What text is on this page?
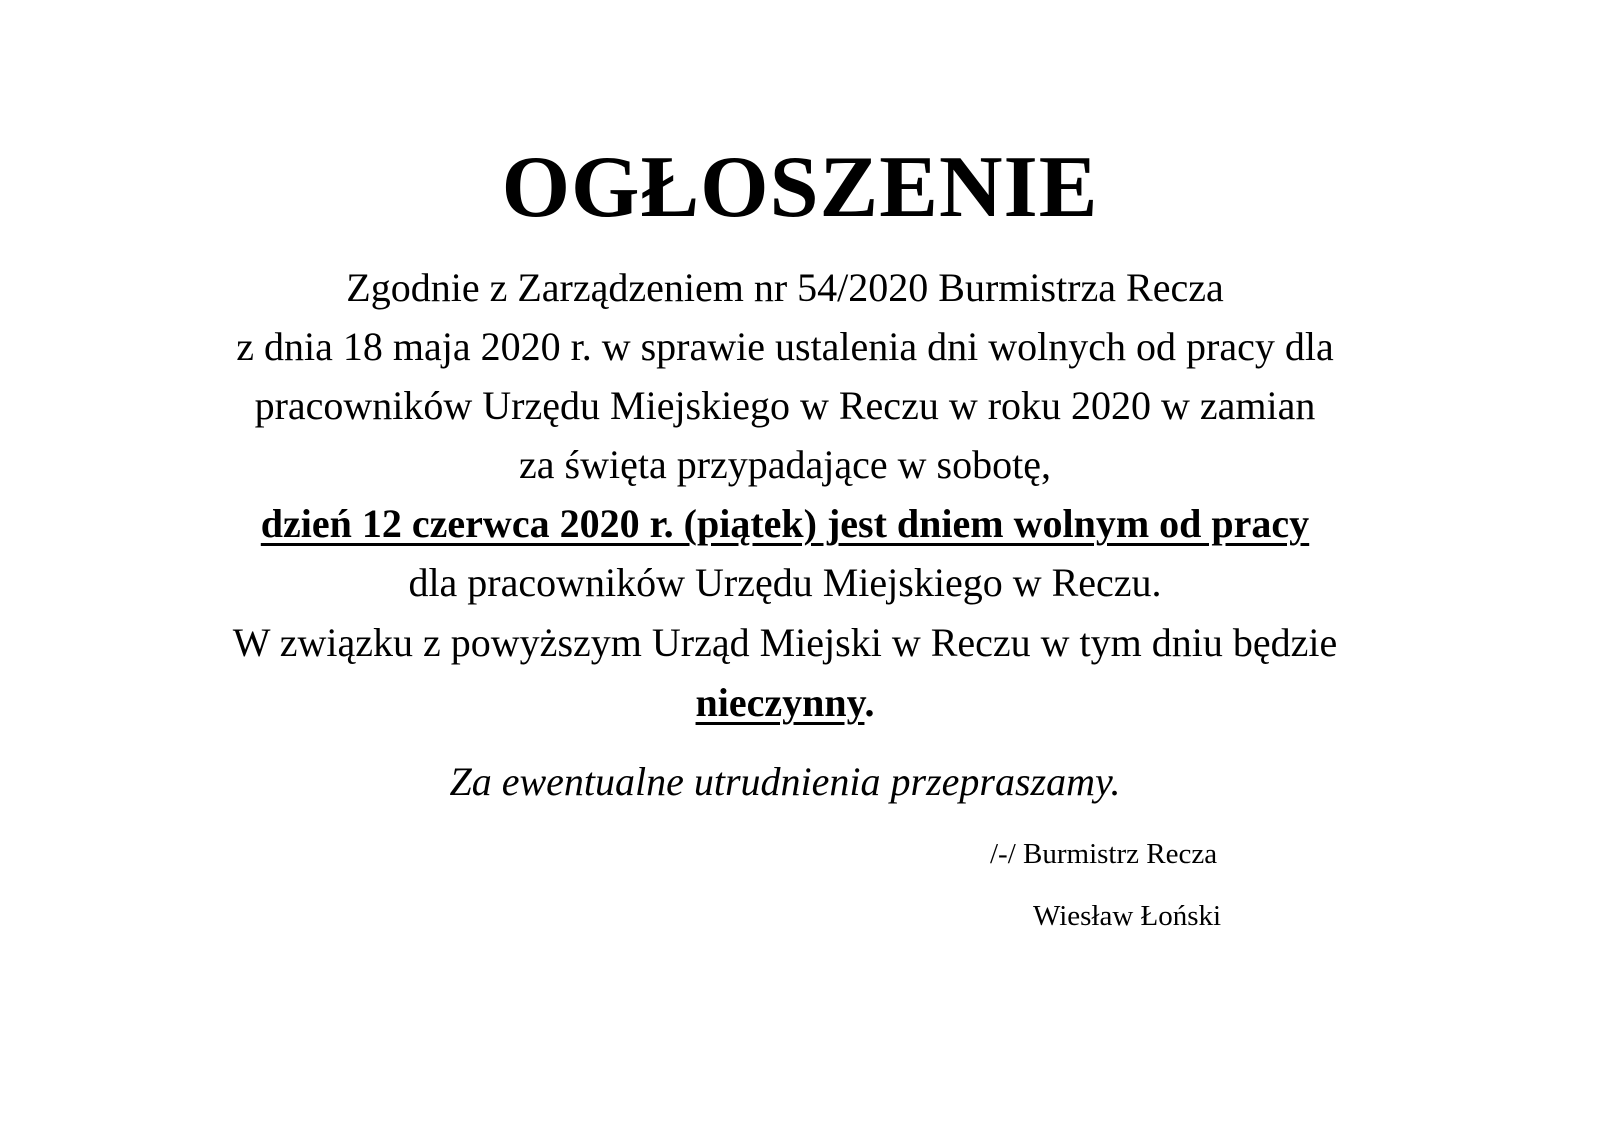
OGŁOSZENIE
Zgodnie z Zarządzeniem nr 54/2020 Burmistrza Recza
z dnia 18 maja 2020 r. w sprawie ustalenia dni wolnych od pracy dla
pracowników Urzędu Miejskiego w Reczu w roku 2020 w zamian
za święta przypadające w sobotę,
dzień 12 czerwca 2020 r. (piątek) jest dniem wolnym od pracy
dla pracowników Urzędu Miejskiego w Reczu.
W związku z powyższym Urząd Miejski w Reczu w tym dniu będzie
nieczynny.
Za ewentualne utrudnienia przepraszamy.
/-/ Burmistrz Recza
Wiesław Łoński
